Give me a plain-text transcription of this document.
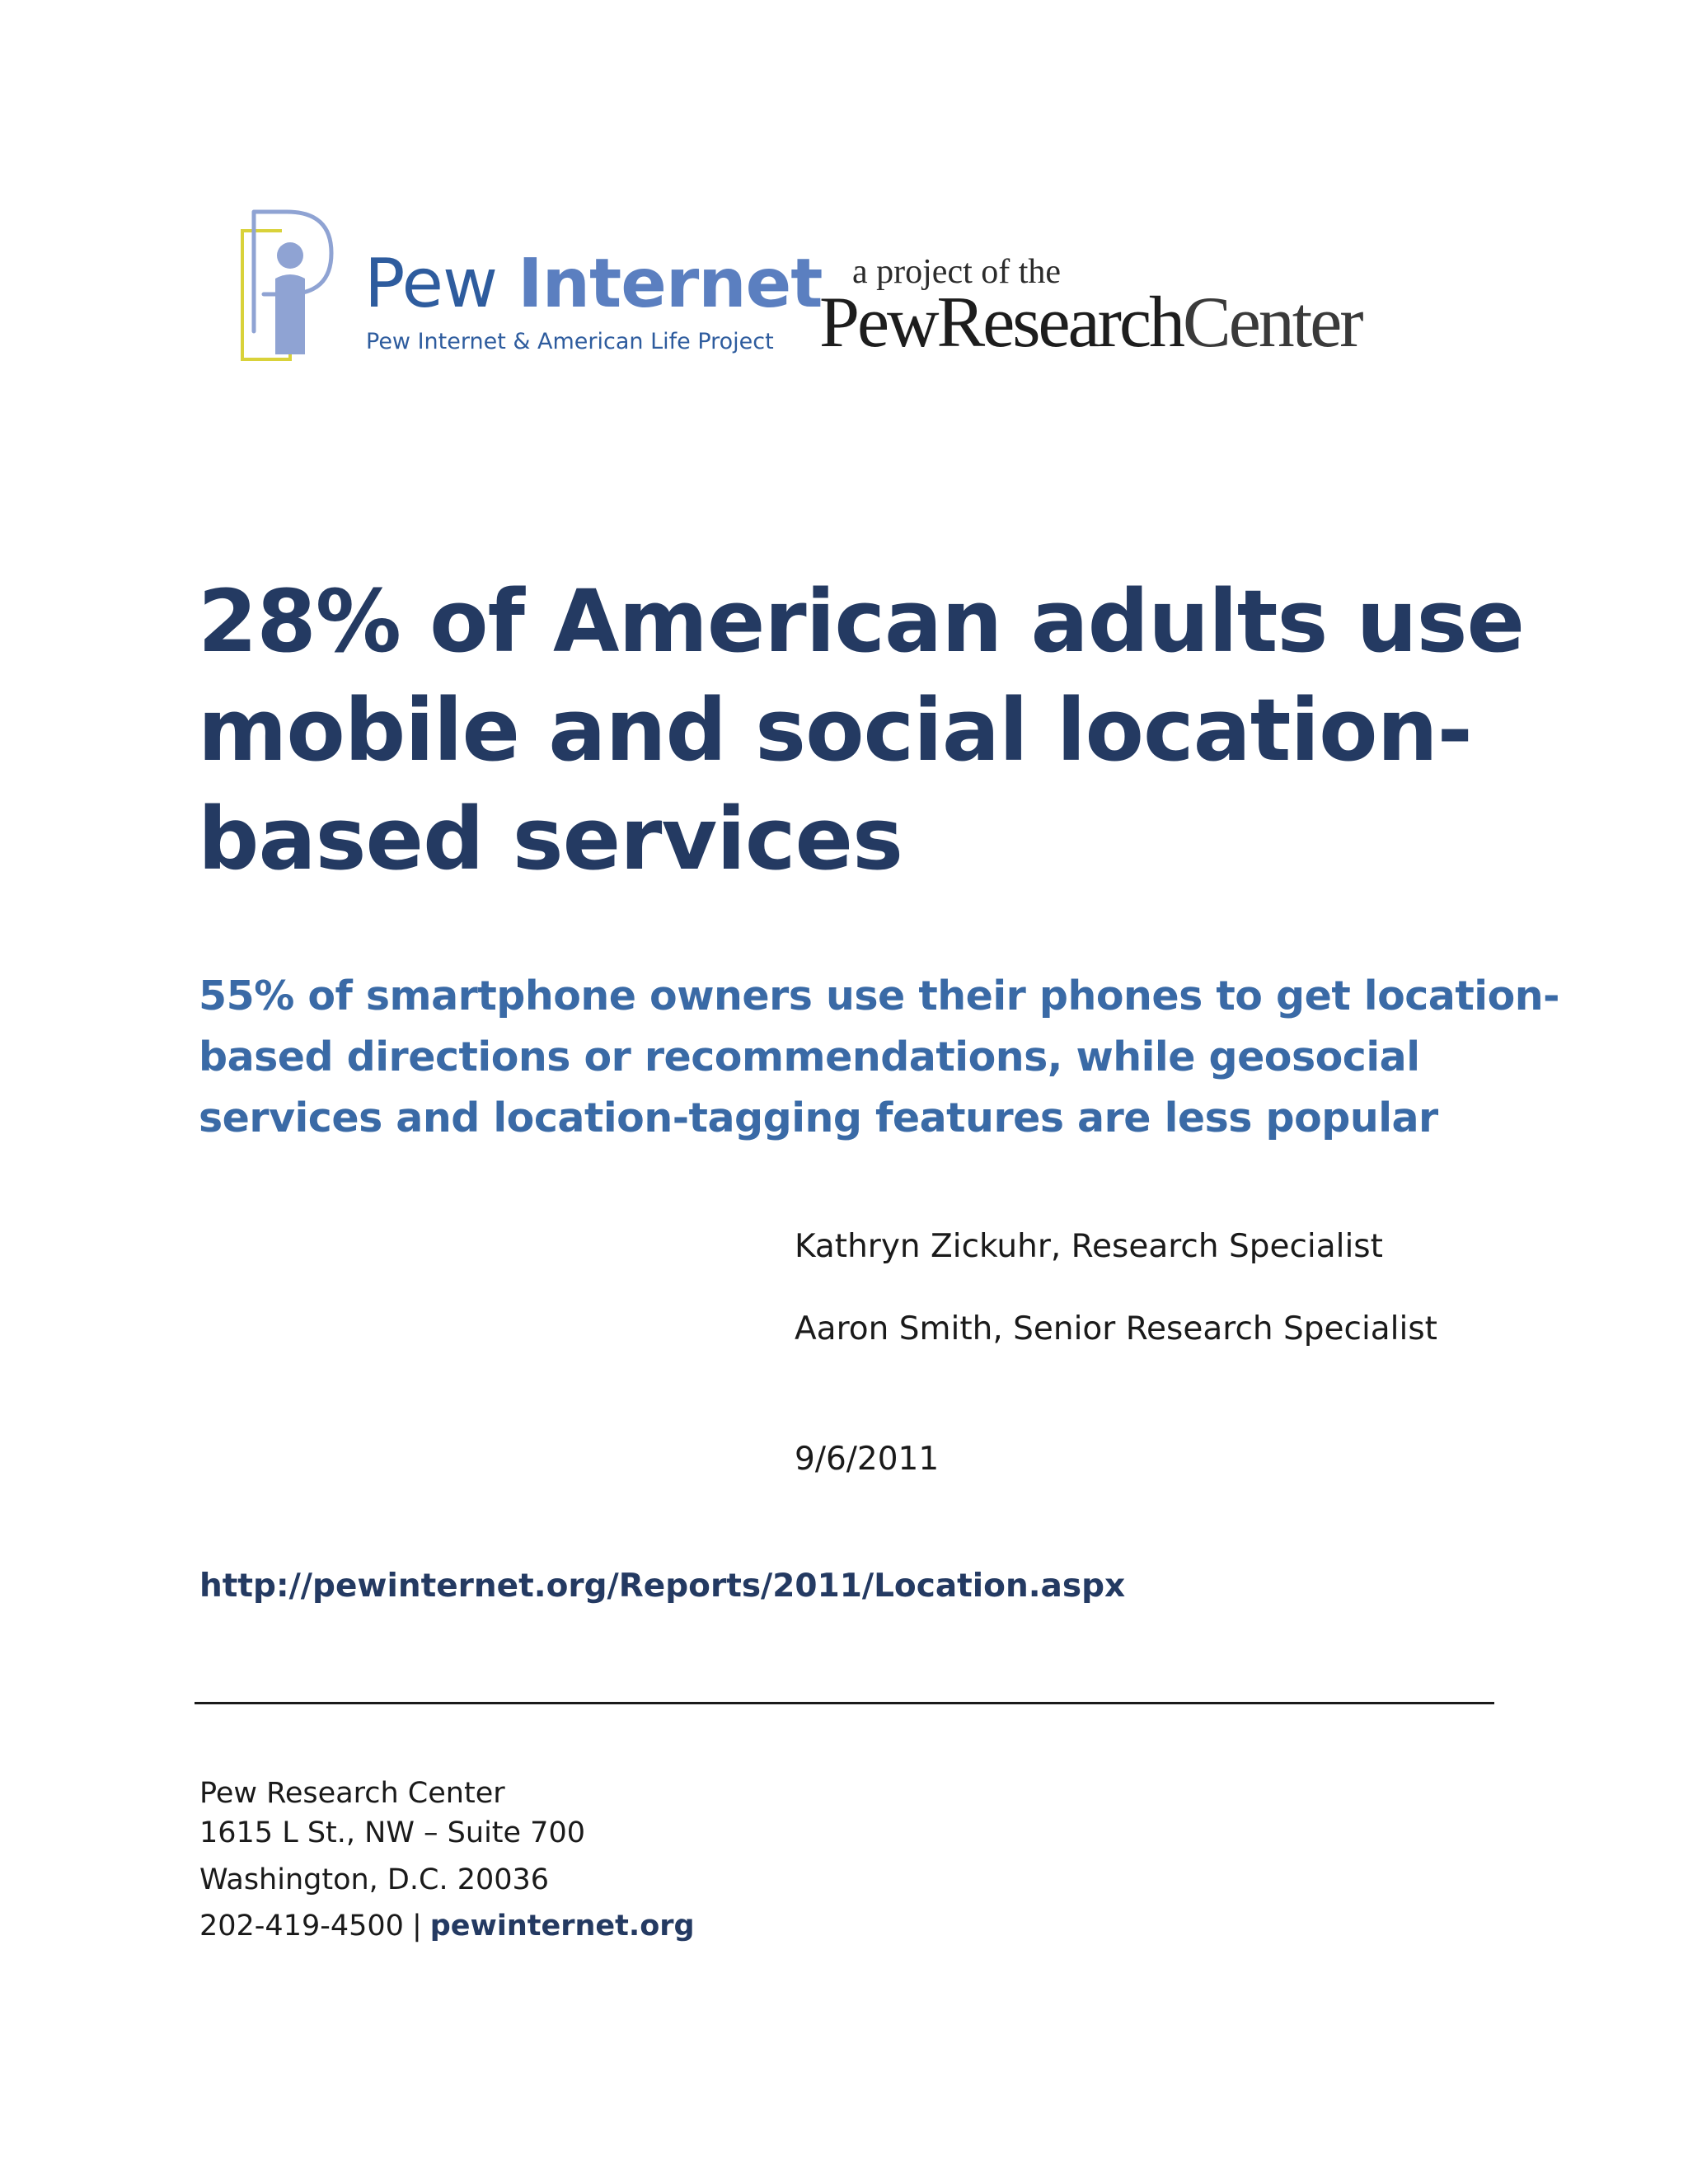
Pew Internet
Pew Internet & American Life Project
a project of the
PewResearchCenter
28% of American adults use
mobile and social location-
based services
55% of smartphone owners use their phones to get location-
based directions or recommendations, while geosocial
services and location-tagging features are less popular
Kathryn Zickuhr, Research Specialist
Aaron Smith, Senior Research Specialist
9/6/2011
http://pewinternet.org/Reports/2011/Location.aspx
Pew Research Center
1615 L St., NW – Suite 700
Washington, D.C. 20036
202-419-4500 | pewinternet.org
